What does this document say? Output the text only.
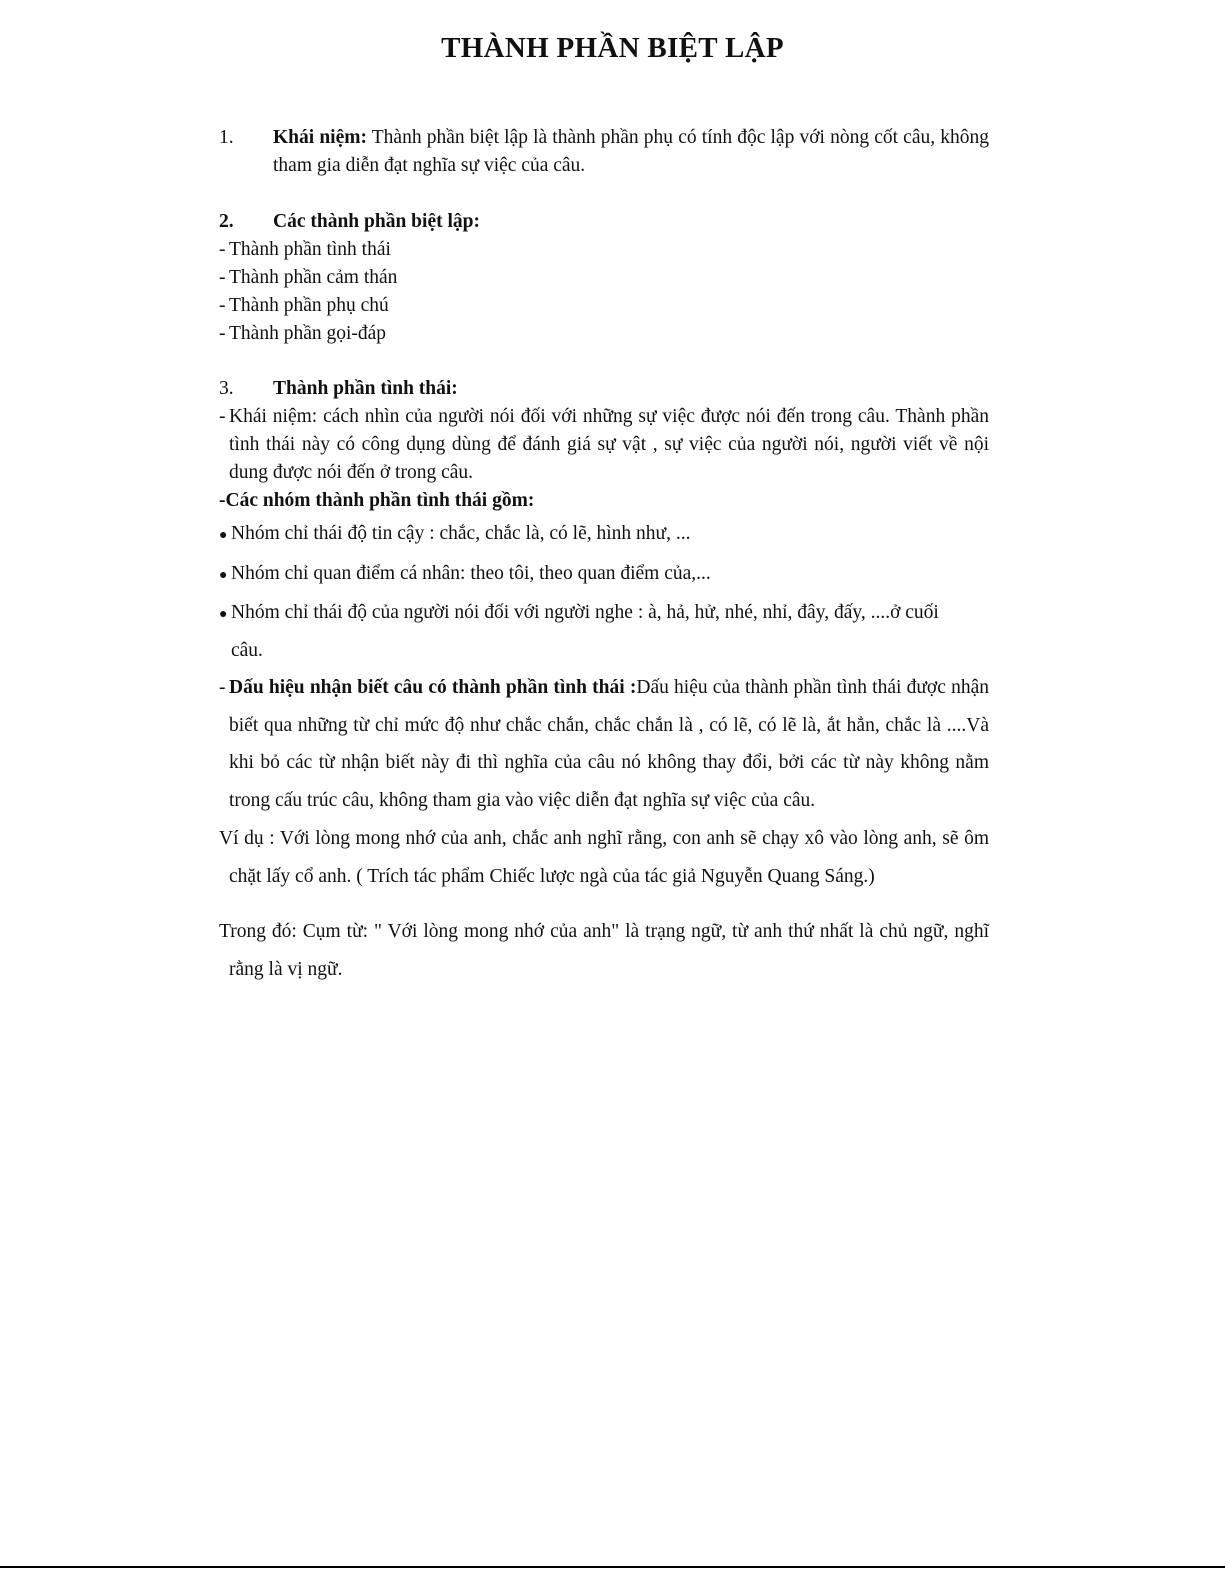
THÀNH PHẦN BIỆT LẬP
1.	Khái niệm: Thành phần biệt lập là thành phần phụ có tính độc lập với nòng cốt câu, không tham gia diễn đạt nghĩa sự việc của câu.
2.	Các thành phần biệt lập:
- Thành phần tình thái
- Thành phần cảm thán
- Thành phần phụ chú
- Thành phần gọi-đáp
3.	Thành phần tình thái:
- Khái niệm: cách nhìn của người nói đối với những sự việc được nói đến trong câu. Thành phần tình thái này có công dụng dùng để đánh giá sự vật , sự việc của người nói, người viết về nội dung được nói đến ở trong câu.
-Các nhóm thành phần tình thái gồm:
● Nhóm chỉ thái độ tin cậy : chắc, chắc là, có lẽ, hình như, ...
● Nhóm chỉ quan điểm cá nhân: theo tôi, theo quan điểm của,...
● Nhóm chỉ thái độ của người nói đối với người nghe : à, hả, hử, nhé, nhỉ, đây, đấy, ....ở cuối câu.
- Dấu hiệu nhận biết câu có thành phần tình thái :Dấu hiệu của thành phần tình thái được nhận biết qua những từ chỉ mức độ như chắc chắn, chắc chắn là , có lẽ, có lẽ là, ắt hẳn, chắc là ....Và khi bỏ các từ nhận biết này đi thì nghĩa của câu nó không thay đổi, bởi các từ này không nằm trong cấu trúc câu, không tham gia vào việc diễn đạt nghĩa sự việc của câu.
Ví dụ : Với lòng mong nhớ của anh, chắc anh nghĩ rằng, con anh sẽ chạy xô vào lòng anh, sẽ ôm chặt lấy cổ anh. ( Trích tác phẩm Chiếc lược ngà của tác giả Nguyễn Quang Sáng.)
Trong đó: Cụm từ: " Với lòng mong nhớ của anh" là trạng ngữ, từ anh thứ nhất là chủ ngữ, nghĩ rằng là vị ngữ.
